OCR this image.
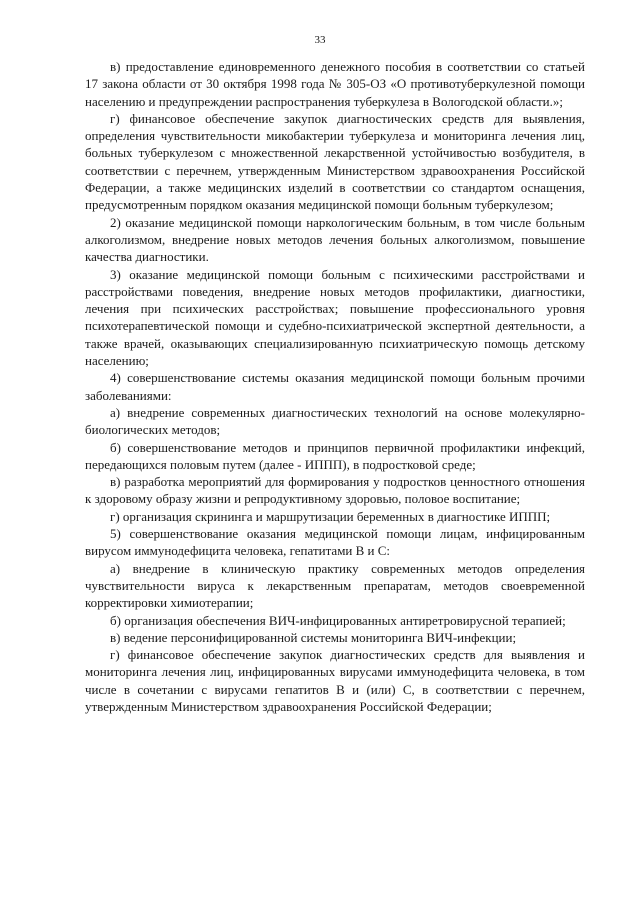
33

в) предоставление единовременного денежного пособия в соответствии со статьей 17 закона области от 30 октября 1998 года № 305-ОЗ «О противотуберкулезной помощи населению и предупреждении распространения туберкулеза в Вологодской области.»;

г) финансовое обеспечение закупок диагностических средств для выявления, определения чувствительности микобактерии туберкулеза и мониторинга лечения лиц, больных туберкулезом с множественной лекарственной устойчивостью возбудителя, в соответствии с перечнем, утвержденным Министерством здравоохранения Российской Федерации, а также медицинских изделий в соответствии со стандартом оснащения, предусмотренным порядком оказания медицинской помощи больным туберкулезом;

2) оказание медицинской помощи наркологическим больным, в том числе больным алкоголизмом, внедрение новых методов лечения больных алкоголизмом, повышение качества диагностики.

3) оказание медицинской помощи больным с психическими расстройствами и расстройствами поведения, внедрение новых методов профилактики, диагностики, лечения при психических расстройствах; повышение профессионального уровня психотерапевтической помощи и судебно-психиатрической экспертной деятельности, а также врачей, оказывающих специализированную психиатрическую помощь детскому населению;

4) совершенствование системы оказания медицинской помощи больным прочими заболеваниями:

а) внедрение современных диагностических технологий на основе молекулярно-биологических методов;

б) совершенствование методов и принципов первичной профилактики инфекций, передающихся половым путем (далее - ИППП), в подростковой среде;

в) разработка мероприятий для формирования у подростков ценностного отношения к здоровому образу жизни и репродуктивному здоровью, половое воспитание;

г) организация скрининга и маршрутизации беременных в диагностике ИППП;

5) совершенствование оказания медицинской помощи лицам, инфицированным вирусом иммунодефицита человека, гепатитами В и С:

а) внедрение в клиническую практику современных методов определения чувствительности вируса к лекарственным препаратам, методов своевременной корректировки химиотерапии;

б) организация обеспечения ВИЧ-инфицированных антиретровирусной терапией;

в) ведение персонифицированной системы мониторинга ВИЧ-инфекции;

г) финансовое обеспечение закупок диагностических средств для выявления и мониторинга лечения лиц, инфицированных вирусами иммунодефицита человека, в том числе в сочетании с вирусами гепатитов В и (или) С, в соответствии с перечнем, утвержденным Министерством здравоохранения Российской Федерации;
